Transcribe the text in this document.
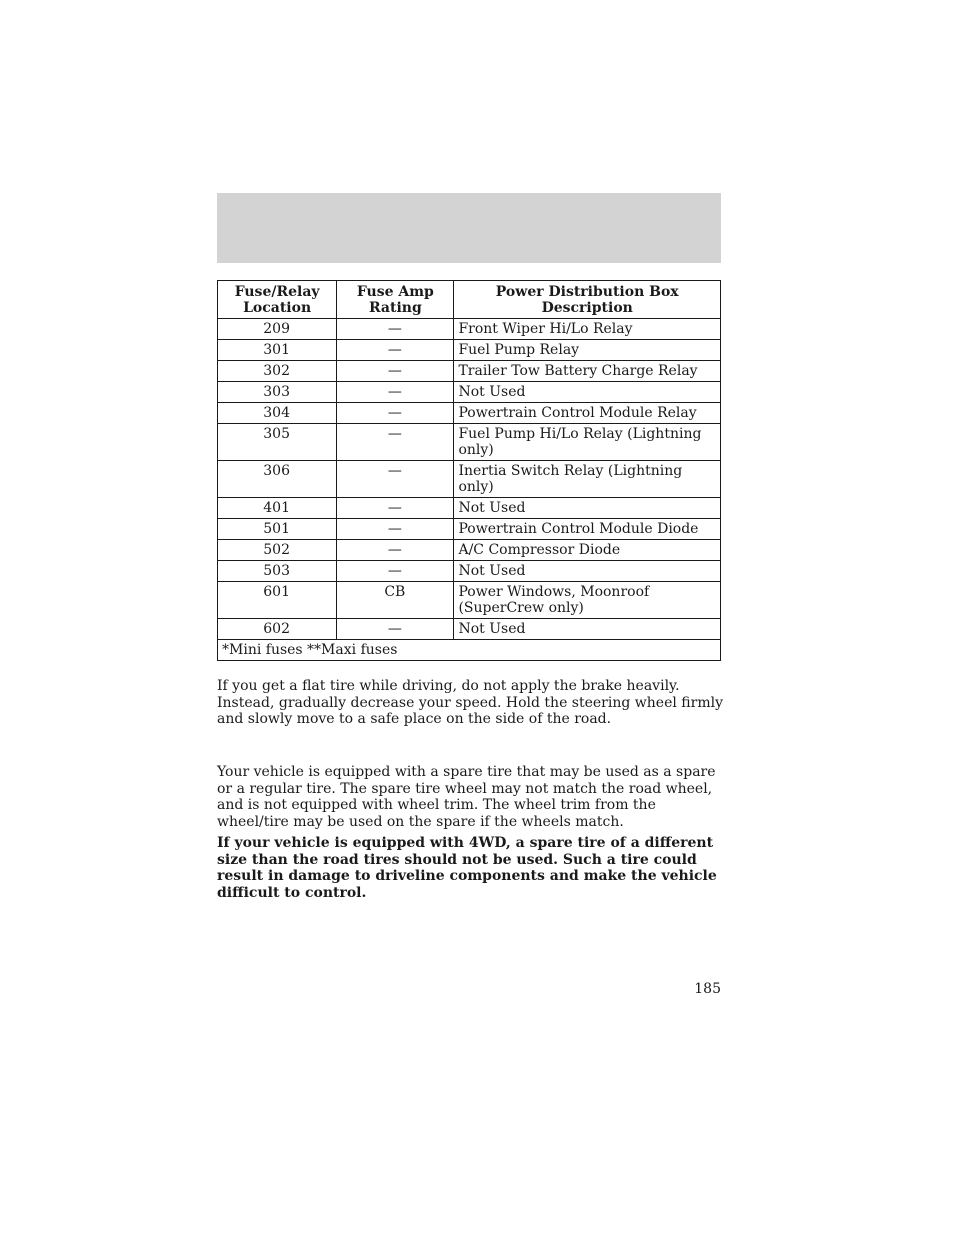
Fuse/Relay Location	Fuse Amp Rating	Power Distribution Box Description
209	—	Front Wiper Hi/Lo Relay
301	—	Fuel Pump Relay
302	—	Trailer Tow Battery Charge Relay
303	—	Not Used
304	—	Powertrain Control Module Relay
305	—	Fuel Pump Hi/Lo Relay (Lightning only)
306	—	Inertia Switch Relay (Lightning only)
401	—	Not Used
501	—	Powertrain Control Module Diode
502	—	A/C Compressor Diode
503	—	Not Used
601	CB	Power Windows, Moonroof (SuperCrew only)
602	—	Not Used
*Mini fuses **Maxi fuses		

If you get a flat tire while driving, do not apply the brake heavily. Instead, gradually decrease your speed. Hold the steering wheel firmly and slowly move to a safe place on the side of the road.

Your vehicle is equipped with a spare tire that may be used as a spare or a regular tire. The spare tire wheel may not match the road wheel, and is not equipped with wheel trim. The wheel trim from the wheel/tire may be used on the spare if the wheels match.

If your vehicle is equipped with 4WD, a spare tire of a different size than the road tires should not be used. Such a tire could result in damage to driveline components and make the vehicle difficult to control.

185
